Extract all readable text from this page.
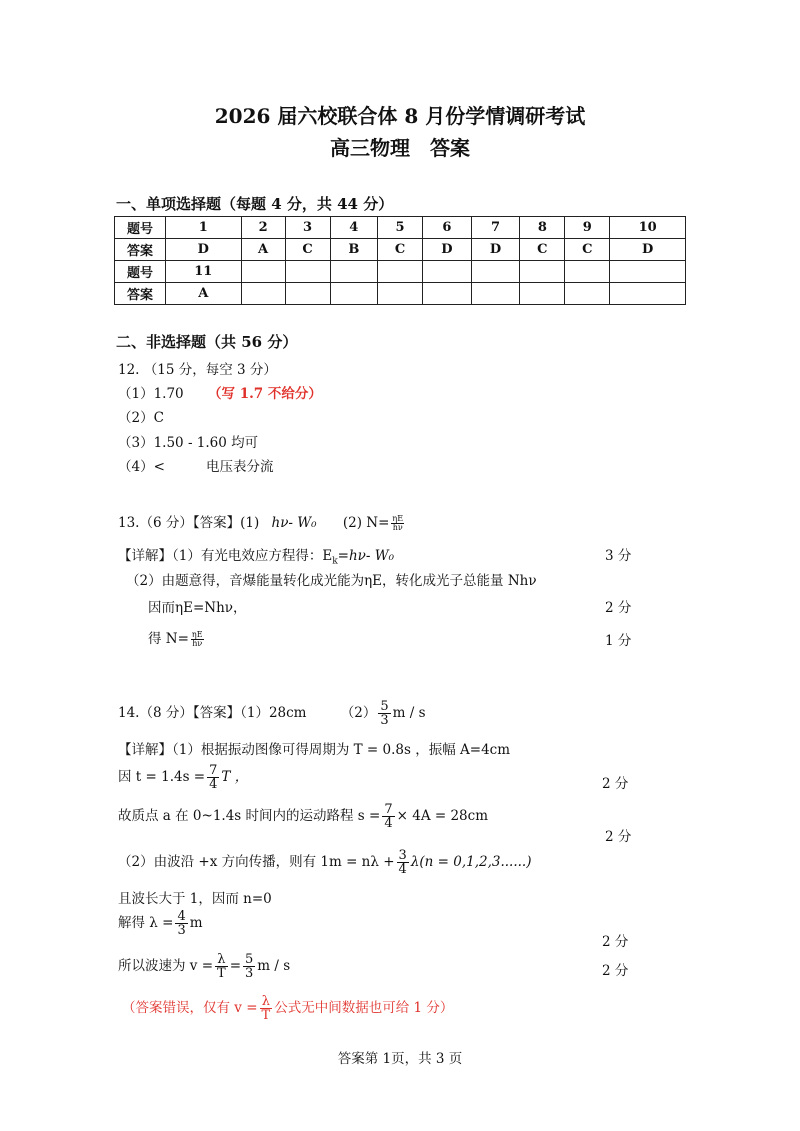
2026 届六校联合体 8 月份学情调研考试
高三物理　答案
一、单项选择题（每题 4 分，共 44 分）
题号	1	2	3	4	5	6	7	8	9	10
答案	D	A	C	B	C	D	D	C	C	D
题号	11									
答案	A									
二、非选择题（共 56 分）
12. （15 分，每空 3 分）
（1）1.70 （写 1.7 不给分）
（2）C
（3）1.50 - 1.60 均可
（4）<	电压表分流
13.（6 分）【答案】(1) hν- W₀ (2) $N= \frac{\eta E}{h\nu}$
【详解】（1）有光电效应方程得：$E_k=h\nu-$ W₀	3 分
（2）由题意得，音爆能量转化成光能为ηE，转化成光子总能量 Nhν
因而ηE=Nhν，	2 分
得 $N= \frac{\eta E}{h\nu}$	1 分
14.（8 分）【答案】（1）28cm	$(2) \frac{5}{3}$ m / s
【详解】（1）根据振动图像可得周期为 T = 0.8s ，振幅 A=4cm
因 $t = 1.4s = \frac{7}{4}$ T ，	2 分
故质点 a 在 0~1.4s 时间内的运动路程 $s = \frac{7}{4} \times 4A = 28cm$
2 分
（2）由波沿 +x 方向传播，则有 $1m = n\lambda + \frac{3}{4} \lambda(n = 0,1,2,3......)$
且波长大于 1，因而 n=0
解得 $\lambda = \frac{4}{3}$ m
2 分
所以波速为 $v = \frac{\lambda}{T} = \frac{5}{3}$ m / s	2 分
（答案错误，仅有 $v = \frac{\lambda}{T}$ 公式无中间数据也可给 1 分）
答案第 1页，共 3 页
